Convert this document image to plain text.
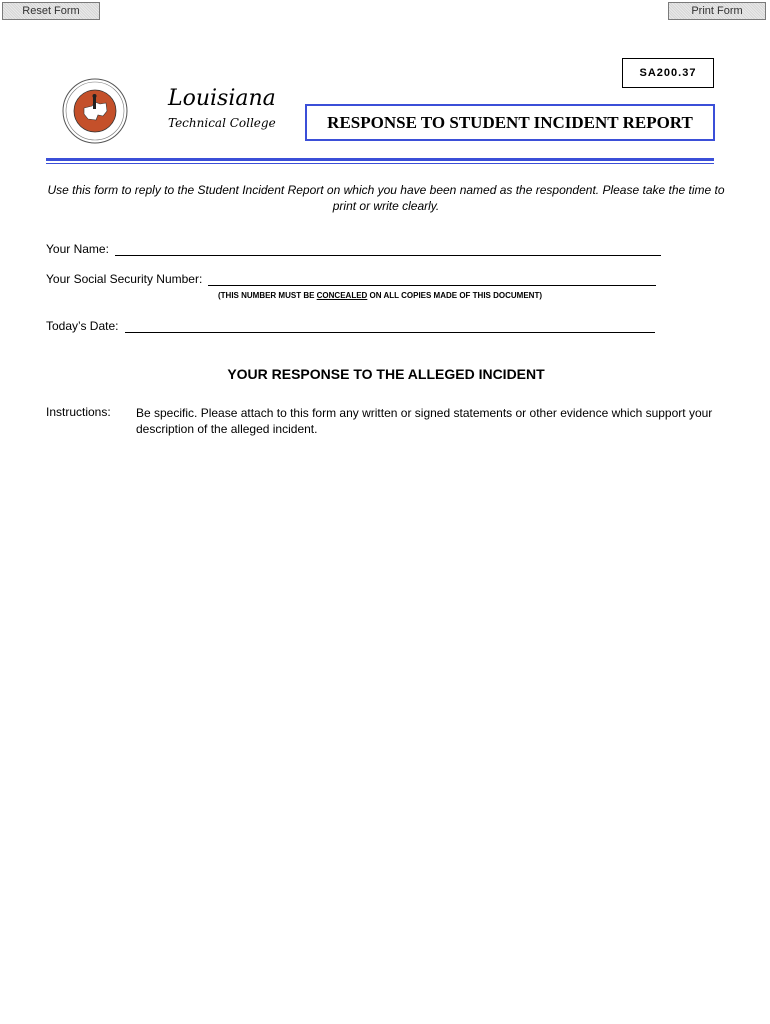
Reset Form	Print Form
SA200.37
Louisiana
Technical College	RESPONSE TO STUDENT INCIDENT REPORT
Use this form to reply to the Student Incident Report on which you have been named as the respondent. Please take the time to print or write clearly.
Your Name:
Your Social Security Number:
(THIS NUMBER MUST BE CONCEALED ON ALL COPIES MADE OF THIS DOCUMENT)
Today’s Date:
YOUR RESPONSE TO THE ALLEGED INCIDENT
Instructions: Be specific. Please attach to this form any written or signed statements or other evidence which support your description of the alleged incident.
